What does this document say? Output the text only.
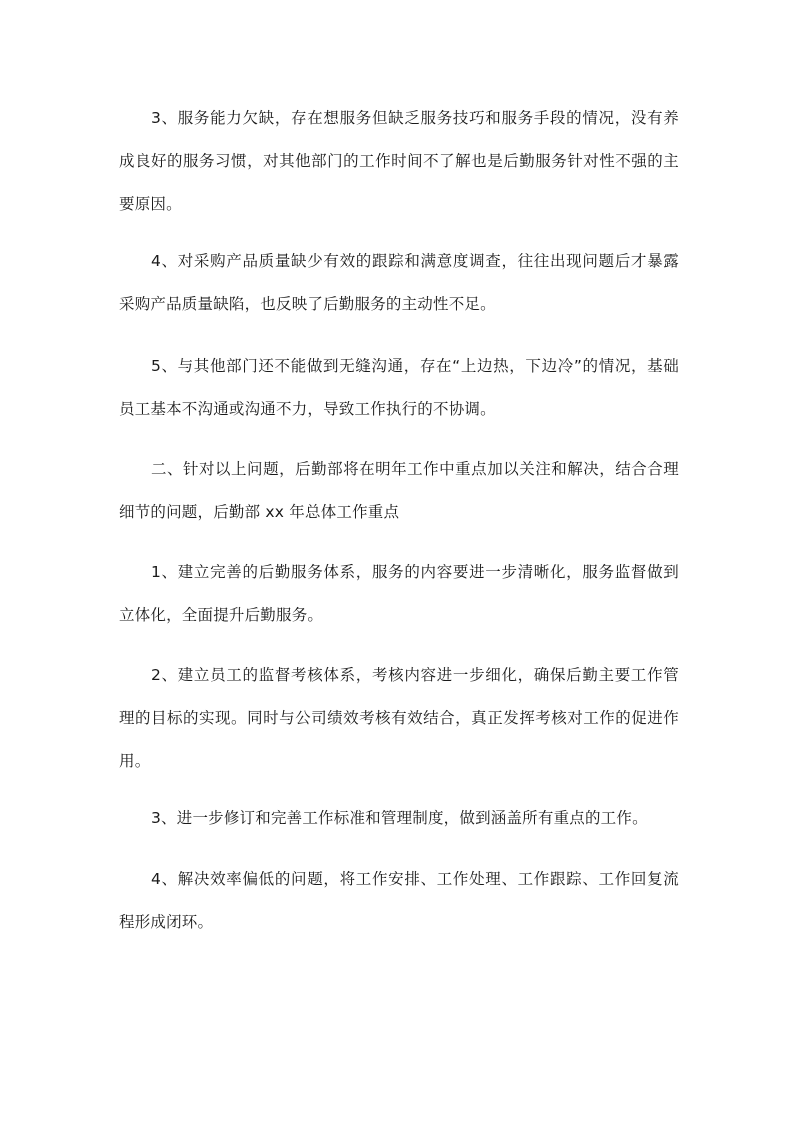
3、服务能力欠缺，存在想服务但缺乏服务技巧和服务手段的情况，没有养成良好的服务习惯，对其他部门的工作时间不了解也是后勤服务针对性不强的主要原因。

4、对采购产品质量缺少有效的跟踪和满意度调查，往往出现问题后才暴露采购产品质量缺陷，也反映了后勤服务的主动性不足。

5、与其他部门还不能做到无缝沟通，存在“上边热，下边冷”的情况，基础员工基本不沟通或沟通不力，导致工作执行的不协调。

二、针对以上问题，后勤部将在明年工作中重点加以关注和解决，结合合理细节的问题，后勤部 xx 年总体工作重点

1、建立完善的后勤服务体系，服务的内容要进一步清晰化，服务监督做到立体化，全面提升后勤服务。

2、建立员工的监督考核体系，考核内容进一步细化，确保后勤主要工作管理的目标的实现。同时与公司绩效考核有效结合，真正发挥考核对工作的促进作用。

3、进一步修订和完善工作标准和管理制度，做到涵盖所有重点的工作。

4、解决效率偏低的问题，将工作安排、工作处理、工作跟踪、工作回复流程形成闭环。
